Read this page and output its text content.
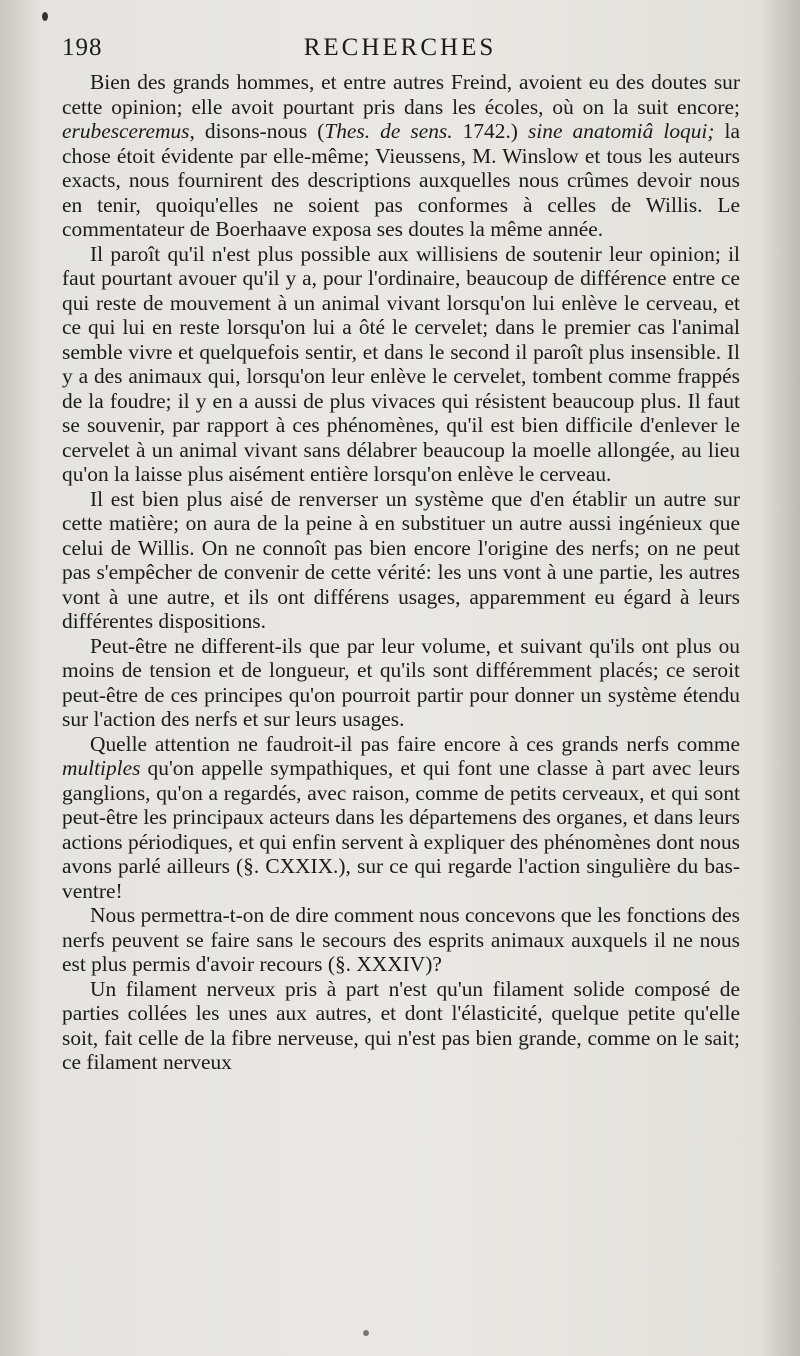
198	RECHERCHES

Bien des grands hommes, et entre autres Freind, avoient eu des doutes sur cette opinion; elle avoit pourtant pris dans les écoles, où on la suit encore; erubesceremus, disons-nous (Thes. de sens. 1742.) sine anatomiâ loqui; la chose étoit évidente par elle-même; Vieussens, M. Winslow et tous les auteurs exacts, nous fournirent des descriptions auxquelles nous crûmes devoir nous en tenir, quoiqu'elles ne soient pas conformes à celles de Willis. Le commentateur de Boerhaave exposa ses doutes la même année.

Il paroît qu'il n'est plus possible aux willisiens de soutenir leur opinion; il faut pourtant avouer qu'il y a, pour l'ordinaire, beaucoup de différence entre ce qui reste de mouvement à un animal vivant lorsqu'on lui enlève le cerveau, et ce qui lui en reste lorsqu'on lui a ôté le cervelet; dans le premier cas l'animal semble vivre et quelquefois sentir, et dans le second il paroît plus insensible. Il y a des animaux qui, lorsqu'on leur enlève le cervelet, tombent comme frappés de la foudre; il y en a aussi de plus vivaces qui résistent beaucoup plus. Il faut se souvenir, par rapport à ces phénomènes, qu'il est bien difficile d'enlever le cervelet à un animal vivant sans délabrer beaucoup la moelle allongée, au lieu qu'on la laisse plus aisément entière lorsqu'on enlève le cerveau.

Il est bien plus aisé de renverser un système que d'en établir un autre sur cette matière; on aura de la peine à en substituer un autre aussi ingénieux que celui de Willis. On ne connoît pas bien encore l'origine des nerfs; on ne peut pas s'empêcher de convenir de cette vérité: les uns vont à une partie, les autres vont à une autre, et ils ont différens usages, apparemment eu égard à leurs différentes dispositions.

Peut-être ne different-ils que par leur volume, et suivant qu'ils ont plus ou moins de tension et de longueur, et qu'ils sont différemment placés; ce seroit peut-être de ces principes qu'on pourroit partir pour donner un système étendu sur l'action des nerfs et sur leurs usages.

Quelle attention ne faudroit-il pas faire encore à ces grands nerfs comme multiples qu'on appelle sympathiques, et qui font une classe à part avec leurs ganglions, qu'on a regardés, avec raison, comme de petits cerveaux, et qui sont peut-être les principaux acteurs dans les départemens des organes, et dans leurs actions périodiques, et qui enfin servent à expliquer des phénomènes dont nous avons parlé ailleurs (§. CXXIX.), sur ce qui regarde l'action singulière du bas-ventre!

Nous permettra-t-on de dire comment nous concevons que les fonctions des nerfs peuvent se faire sans le secours des esprits animaux auxquels il ne nous est plus permis d'avoir recours (§. XXXIV)?

Un filament nerveux pris à part n'est qu'un filament solide composé de parties collées les unes aux autres, et dont l'élasticité, quelque petite qu'elle soit, fait celle de la fibre nerveuse, qui n'est pas bien grande, comme on le sait; ce filament nerveux
